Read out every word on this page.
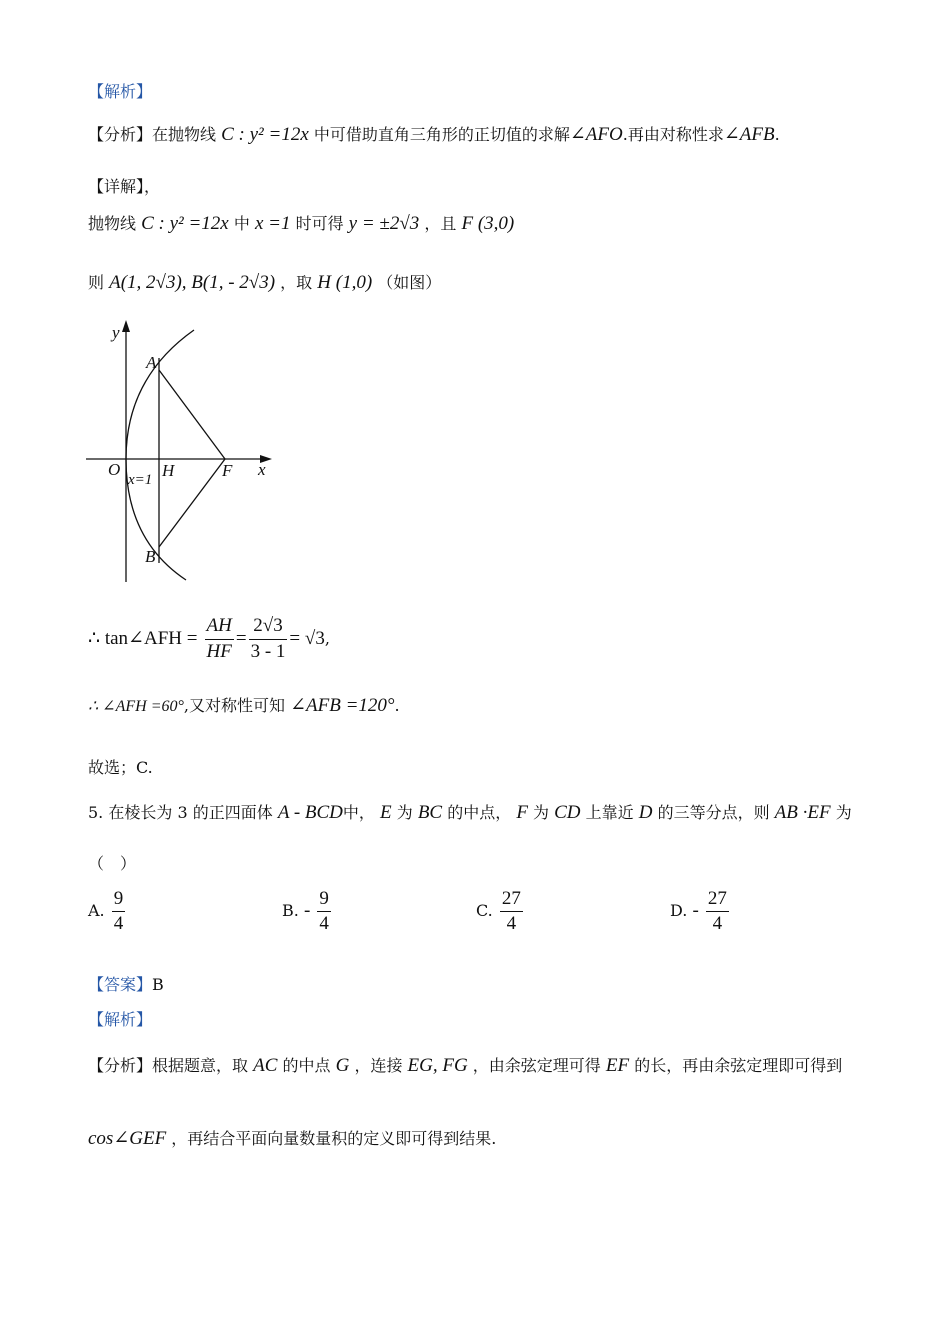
【解析】
【分析】在抛物线 C : y² =12x 中可借助直角三角形的正切值的求解∠AFO.再由对称性求∠AFB.
【详解】，
抛物线 C : y² =12x 中 x =1 时可得 y = ±2√3 ，且 F (3,0)
则 A(1, 2√3), B(1, - 2√3) ，取 H (1,0) （如图）
y
x
A
B
O H	F
x=1
∴ tan∠AFH = $\frac{AH}{HF} = \frac{2√3}{3 - 1} = √3$,
∴ ∠AFH =60°,又对称性可知 ∠AFB =120°.
故选；C.
5. 在棱长为 3 的正四面体 A - BCD中， E 为 BC 的中点， F 为 CD 上靠近 D 的三等分点，则 AB ·EF 为
（　）
A. $\frac{9}{4}$	B. - $\frac{9}{4}$	C. $\frac{27}{4}$	D. - $\frac{27}{4}$
【答案】B
【解析】
【分析】根据题意，取 AC 的中点 G ，连接 EG, FG ，由余弦定理可得 EF 的长，再由余弦定理即可得到
cos∠GEF ，再结合平面向量数量积的定义即可得到结果.
